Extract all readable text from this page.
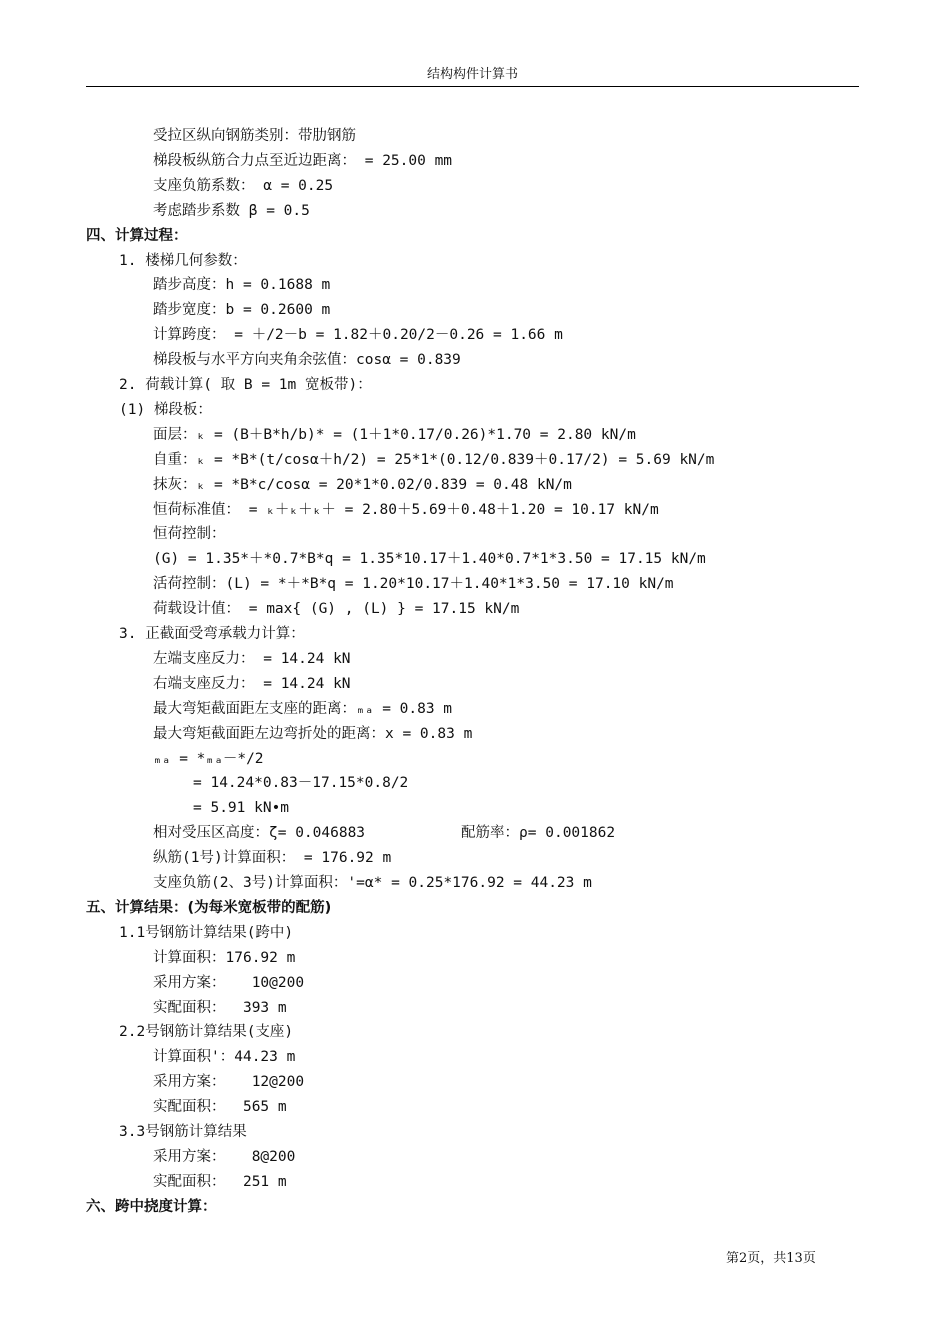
结构构件计算书
受拉区纵向钢筋类别：带肋钢筋
梯段板纵筋合力点至近边距离： = 25.00 mm
支座负筋系数： α = 0.25
考虑踏步系数 β = 0.5
四、计算过程：
1. 楼梯几何参数：
踏步高度：h = 0.1688 m
踏步宽度：b = 0.2600 m
计算跨度： = ＋/2－b = 1.82＋0.20/2－0.26 = 1.66 m
梯段板与水平方向夹角余弦值：cosα = 0.839
2. 荷载计算( 取 B = 1m 宽板带)：
(1) 梯段板：
面层：ₖ = (B＋B*h/b)* = (1＋1*0.17/0.26)*1.70 = 2.80 kN/m
自重：ₖ = *B*(t/cosα＋h/2) = 25*1*(0.12/0.839＋0.17/2) = 5.69 kN/m
抹灰：ₖ = *B*c/cosα = 20*1*0.02/0.839 = 0.48 kN/m
恒荷标准值： = ₖ＋ₖ＋ₖ＋ = 2.80＋5.69＋0.48＋1.20 = 10.17 kN/m
恒荷控制：
(G) = 1.35*＋*0.7*B*q = 1.35*10.17＋1.40*0.7*1*3.50 = 17.15 kN/m
活荷控制：(L) = *＋*B*q = 1.20*10.17＋1.40*1*3.50 = 17.10 kN/m
荷载设计值： = max{ (G) , (L) } = 17.15 kN/m
3. 正截面受弯承载力计算：
左端支座反力： = 14.24 kN
右端支座反力： = 14.24 kN
最大弯矩截面距左支座的距离：ₘₐ = 0.83 m
最大弯矩截面距左边弯折处的距离：x = 0.83 m
ₘₐ = *ₘₐ－*/2
= 14.24*0.83－17.15*0.8/2
= 5.91 kN•m
相对受压区高度：ζ= 0.046883           配筋率：ρ= 0.001862
纵筋(1号)计算面积： = 176.92 m
支座负筋(2、3号)计算面积：'=α* = 0.25*176.92 = 44.23 m
五、计算结果：(为每米宽板带的配筋)
1.1号钢筋计算结果(跨中)
计算面积：176.92 m
采用方案：   10@200
实配面积：  393 m
2.2号钢筋计算结果(支座)
计算面积'：44.23 m
采用方案：   12@200
实配面积：  565 m
3.3号钢筋计算结果
采用方案：   8@200
实配面积：  251 m
六、跨中挠度计算：
第2页，共13页
